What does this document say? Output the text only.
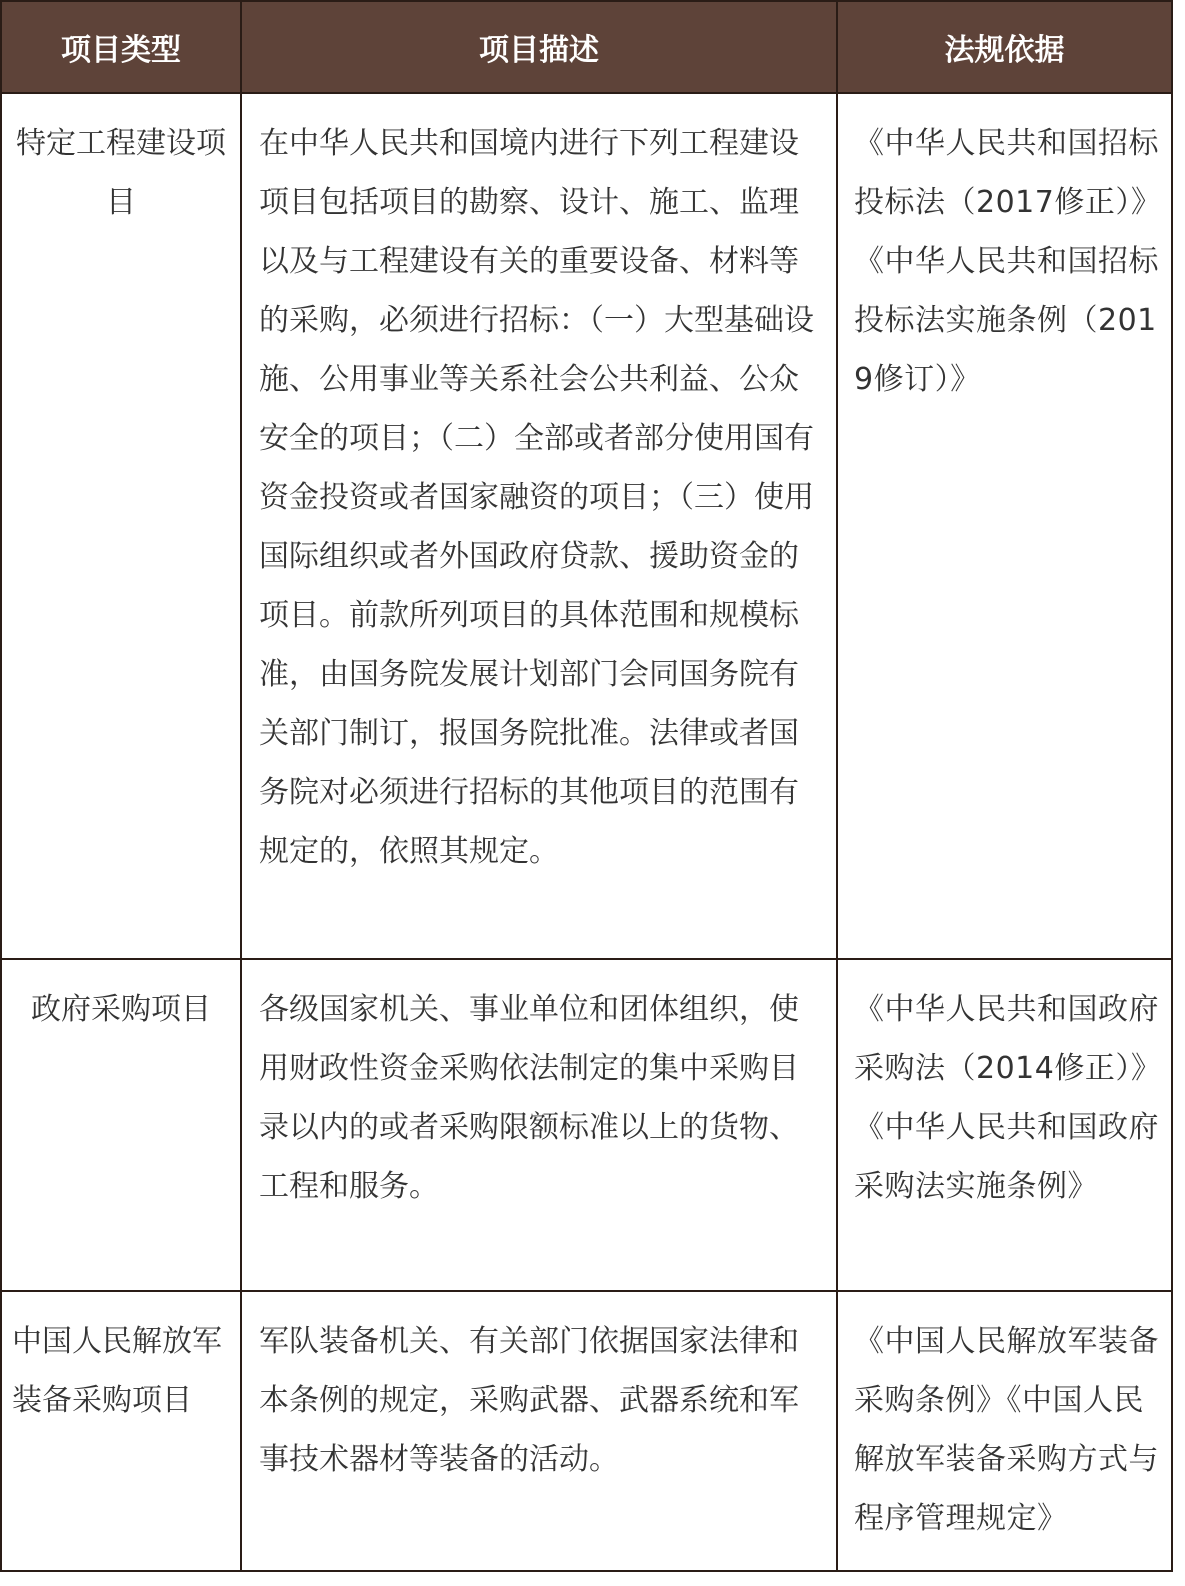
项目类型	项目描述	法规依据
特定工程建设项目	在中华人民共和国境内进行下列工程建设项目包括项目的勘察、设计、施工、监理以及与工程建设有关的重要设备、材料等的采购，必须进行招标：（一）大型基础设施、公用事业等关系社会公共利益、公众安全的项目；（二）全部或者部分使用国有资金投资或者国家融资的项目；（三）使用国际组织或者外国政府贷款、援助资金的项目。前款所列项目的具体范围和规模标准，由国务院发展计划部门会同国务院有关部门制订，报国务院批准。法律或者国务院对必须进行招标的其他项目的范围有规定的，依照其规定。	《中华人民共和国招标投标法（2017修正）》《中华人民共和国招标投标法实施条例（2019修订）》
政府采购项目	各级国家机关、事业单位和团体组织，使用财政性资金采购依法制定的集中采购目录以内的或者采购限额标准以上的货物、工程和服务。	《中华人民共和国政府采购法（2014修正）》《中华人民共和国政府采购法实施条例》
中国人民解放军装备采购项目	军队装备机关、有关部门依据国家法律和本条例的规定，采购武器、武器系统和军事技术器材等装备的活动。	《中国人民解放军装备采购条例》《中国人民解放军装备采购方式与程序管理规定》
